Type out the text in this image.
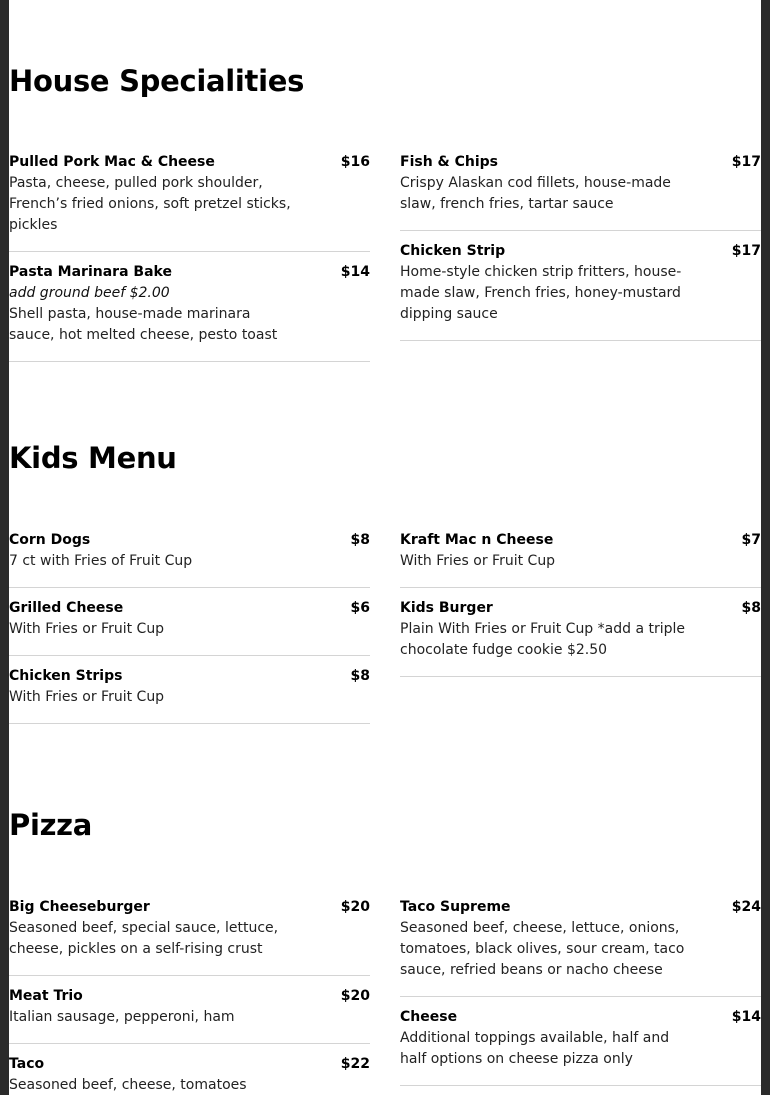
House Specialities
Pulled Pork Mac & Cheese	$16
Pasta, cheese, pulled pork shoulder, French’s fried onions, soft pretzel sticks, pickles
Pasta Marinara Bake	$14
add ground beef $2.00
Shell pasta, house-made marinara sauce, hot melted cheese, pesto toast
Fish & Chips	$17
Crispy Alaskan cod fillets, house-made slaw, french fries, tartar sauce
Chicken Strip	$17
Home-style chicken strip fritters, house-made slaw, French fries, honey-mustard dipping sauce
Kids Menu
Corn Dogs	$8
7 ct with Fries of Fruit Cup
Grilled Cheese	$6
With Fries or Fruit Cup
Chicken Strips	$8
With Fries or Fruit Cup
Kraft Mac n Cheese	$7
With Fries or Fruit Cup
Kids Burger	$8
Plain With Fries or Fruit Cup *add a triple chocolate fudge cookie $2.50
Pizza
Big Cheeseburger	$20
Seasoned beef, special sauce, lettuce, cheese, pickles on a self-rising crust
Meat Trio	$20
Italian sausage, pepperoni, ham
Taco	$22
Seasoned beef, cheese, tomatoes
Taco Supreme	$24
Seasoned beef, cheese, lettuce, onions, tomatoes, black olives, sour cream, taco sauce, refried beans or nacho cheese
Cheese	$14
Additional toppings available, half and half options on cheese pizza only
